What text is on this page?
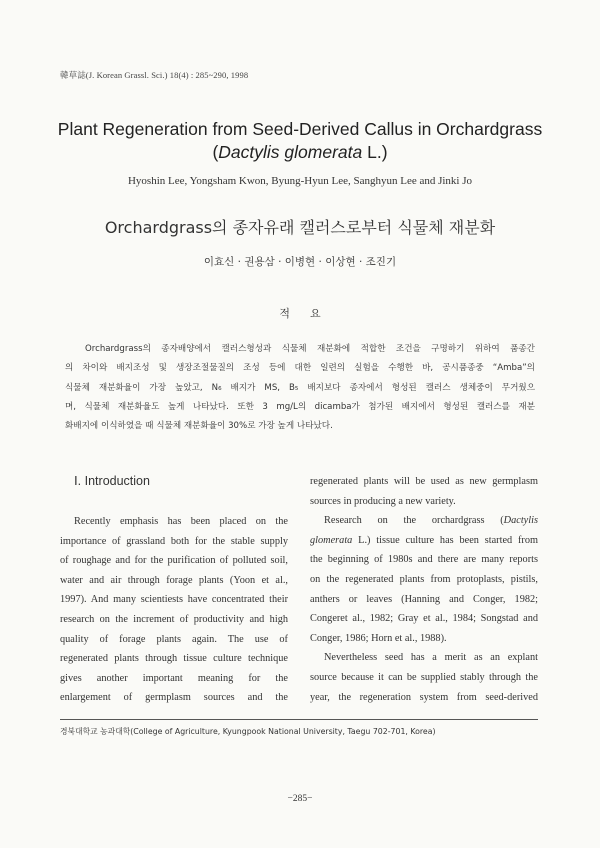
韓草誌(J. Korean Grassl. Sci.) 18(4) : 285~290, 1998
Plant Regeneration from Seed-Derived Callus in Orchardgrass
(Dactylis glomerata L.)
Hyoshin Lee, Yongsham Kwon, Byung-Hyun Lee, Sanghyun Lee and Jinki Jo
Orchardgrass의 종자유래 캘러스로부터 식물체 재분화
이효신 · 권용삼 · 이병현 · 이상현 · 조진기
적요
Orchardgrass의 종자배양에서 캘러스형성과 식물체 재분화에 적합한 조건을 구명하기 위하여 품종간
의 차이와 배지조성 및 생장조절물질의 조성 등에 대한 일련의 실험을 수행한 바, 공시품종중 “Amba”의
식물체 재분화율이 가장 높았고, N₆ 배지가 MS, B₅ 배지보다 종자에서 형성된 캘러스 생체중이 무거웠으
며, 식물체 재분화율도 높게 나타났다. 또한 3 mg/L의 dicamba가 첨가된 배지에서 형성된 캘러스를 재분
화배지에 이식하였을 때 식물체 재분화율이 30%로 가장 높게 나타났다.
Ⅰ. Introduction
Recently emphasis has been placed on the
importance of grassland both for the stable supply
of roughage and for the purification of polluted soil,
water and air through forage plants (Yoon et al.,
1997). And many scientiests have concentrated their
research on the increment of productivity and high
quality of forage plants again. The use of
regenerated plants through tissue culture technique
gives another important meaning for the
enlargement of germplasm sources and the
regenerated plants will be used as new germplasm
sources in producing a new variety.
Research on the orchardgrass (Dactylis
glomerata L.) tissue culture has been started from
the beginning of 1980s and there are many reports
on the regenerated plants from protoplasts, pistils,
anthers or leaves (Hanning and Conger, 1982;
Congeret al., 1982; Gray et al., 1984; Songstad and
Conger, 1986; Horn et al., 1988).
Nevertheless seed has a merit as an explant
source because it can be supplied stably through the
year, the regeneration system from seed-derived
경북대학교 농과대학(College of Agriculture, Kyungpook National University, Taegu 702-701, Korea)
−285−
